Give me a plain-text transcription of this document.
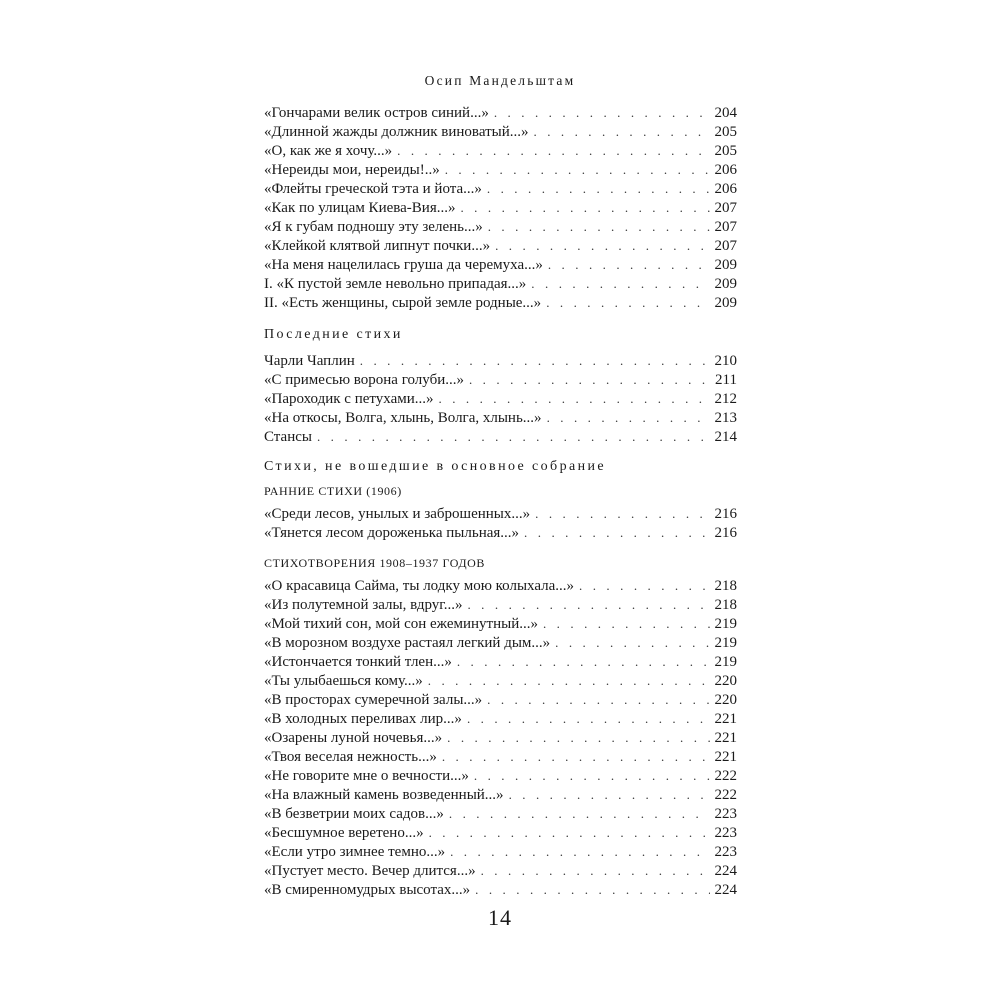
Осип Мандельштам
«Гончарами велик остров синий...» . . .	204
«Длинной жажды должник виноватый...» . . .	205
«О, как же я хочу...» . . .	205
«Нереиды мои, нереиды!..» . . .	206
«Флейты греческой тэта и йота...» . . .	206
«Как по улицам Киева-Вия...» . . .	207
«Я к губам подношу эту зелень...» . . .	207
«Клейкой клятвой липнут почки...» . . .	207
«На меня нацелилась груша да черемуха...» . . .	209
I. «К пустой земле невольно припадая...» . . .	209
II. «Есть женщины, сырой земле родные...» . . .	209
Последние стихи
Чарли Чаплин . . .	210
«С примесью ворона голуби...» . . .	211
«Пароходик с петухами...» . . .	212
«На откосы, Волга, хлынь, Волга, хлынь...» . . .	213
Стансы . . .	214
Стихи, не вошедшие в основное собрание
РАННИЕ СТИХИ (1906)
«Среди лесов, унылых и заброшенных...» . . .	216
«Тянется лесом дороженька пыльная...» . . .	216
СТИХОТВОРЕНИЯ 1908–1937 ГОДОВ
«О красавица Сайма, ты лодку мою колыхала...» . . .	218
«Из полутемной залы, вдруг...» . . .	218
«Мой тихий сон, мой сон ежеминутный...» . . .	219
«В морозном воздухе растаял легкий дым...» . . .	219
«Истончается тонкий тлен...» . . .	219
«Ты улыбаешься кому...» . . .	220
«В просторах сумеречной залы...» . . .	220
«В холодных переливах лир...» . . .	221
«Озарены луной ночевья...» . . .	221
«Твоя веселая нежность...» . . .	221
«Не говорите мне о вечности...» . . .	222
«На влажный камень возведенный...» . . .	222
«В безветрии моих садов...» . . .	223
«Бесшумное веретено...» . . .	223
«Если утро зимнее темно...» . . .	223
«Пустует место. Вечер длится...» . . .	224
«В смиренномудрых высотах...» . . .	224
14
